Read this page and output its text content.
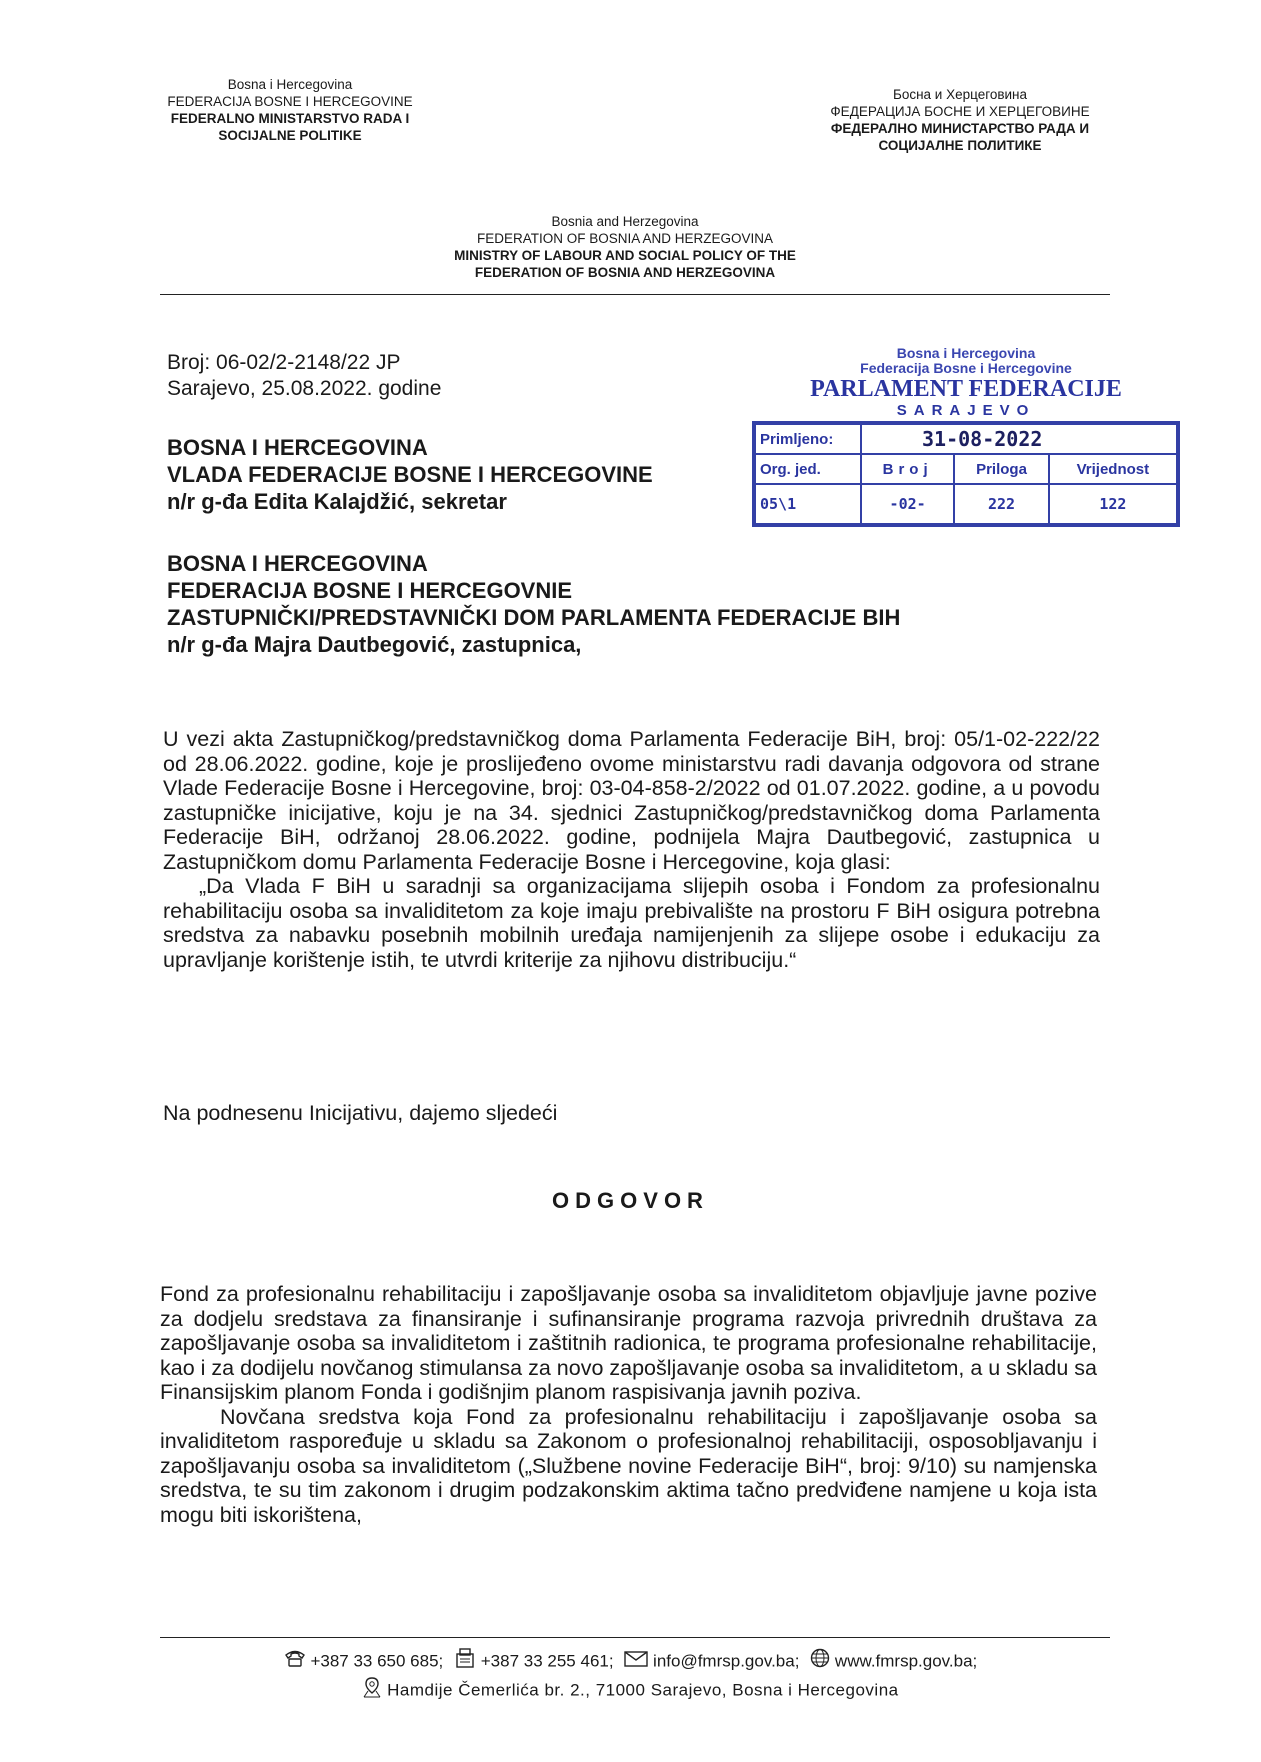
Bosna i Hercegovina
FEDERACIJA BOSNE I HERCEGOVINE
FEDERALNO MINISTARSTVO RADA I
SOCIJALNE POLITIKE
Босна и Херцеговина
ФЕДЕРАЦИЈА БОСНЕ И ХЕРЦЕГОВИНЕ
ФЕДЕРАЛНО МИНИСТАРСТВО РАДА И
СОЦИЈАЛНЕ ПОЛИТИКЕ
Bosnia and Herzegovina
FEDERATION OF BOSNIA AND HERZEGOVINA
MINISTRY OF LABOUR AND SOCIAL POLICY OF THE
FEDERATION OF BOSNIA AND HERZEGOVINA
Broj: 06-02/2-2148/22 JP
Sarajevo, 25.08.2022. godine
Bosna i Hercegovina
Federacija Bosne i Hercegovine
PARLAMENT FEDERACIJE
SARAJEVO
Primljeno:	31-08-2022		
Org. jed.	Broj	Priloga	Vrijednost
05\1	-02-	222	122
BOSNA I HERCEGOVINA
VLADA FEDERACIJE BOSNE I HERCEGOVINE
n/r g-đa Edita Kalajdžić, sekretar
BOSNA I HERCEGOVINA
FEDERACIJA BOSNE I HERCEGOVNIE
ZASTUPNIČKI/PREDSTAVNIČKI DOM PARLAMENTA FEDERACIJE BIH
n/r g-đa Majra Dautbegović, zastupnica,

U vezi akta Zastupničkog/predstavničkog doma Parlamenta Federacije BiH, broj: 05/1-02-222/22 od 28.06.2022. godine, koje je proslijeđeno ovome ministarstvu radi davanja odgovora od strane Vlade Federacije Bosne i Hercegovine, broj: 03-04-858-2/2022 od 01.07.2022. godine, a u povodu zastupničke inicijative, koju je na 34. sjednici Zastupničkog/predstavničkog doma Parlamenta Federacije BiH, održanoj 28.06.2022. godine, podnijela Majra Dautbegović, zastupnica u Zastupničkom domu Parlamenta Federacije Bosne i Hercegovine, koja glasi:

„Da Vlada F BiH u saradnji sa organizacijama slijepih osoba i Fondom za profesionalnu rehabilitaciju osoba sa invaliditetom za koje imaju prebivalište na prostoru F BiH osigura potrebna sredstva za nabavku posebnih mobilnih uređaja namijenjenih za slijepe osobe i edukaciju za upravljanje korištenje istih, te utvrdi kriterije za njihovu distribuciju.“

Na podnesenu Inicijativu, dajemo sljedeći
ODGOVOR

Fond za profesionalnu rehabilitaciju i zapošljavanje osoba sa invaliditetom objavljuje javne pozive za dodjelu sredstava za finansiranje i sufinansiranje programa razvoja privrednih društava za zapošljavanje osoba sa invaliditetom i zaštitnih radionica, te programa profesionalne rehabilitacije, kao i za dodijelu novčanog stimulansa za novo zapošljavanje osoba sa invaliditetom, a u skladu sa Finansijskim planom Fonda i godišnjim planom raspisivanja javnih poziva.

Novčana sredstva koja Fond za profesionalnu rehabilitaciju i zapošljavanje osoba sa invaliditetom raspoređuje u skladu sa Zakonom o profesionalnoj rehabilitaciji, osposobljavanju i zapošljavanju osoba sa invaliditetom („Službene novine Federacije BiH“, broj: 9/10) su namjenska sredstva, te su tim zakonom i drugim podzakonskim aktima tačno predviđene namjene u koja ista mogu biti iskorištena,

+387 33 650 685; +387 33 255 461; info@fmrsp.gov.ba; www.fmrsp.gov.ba;
Hamdije Čemerlića br. 2., 71000 Sarajevo, Bosna i Hercegovina
